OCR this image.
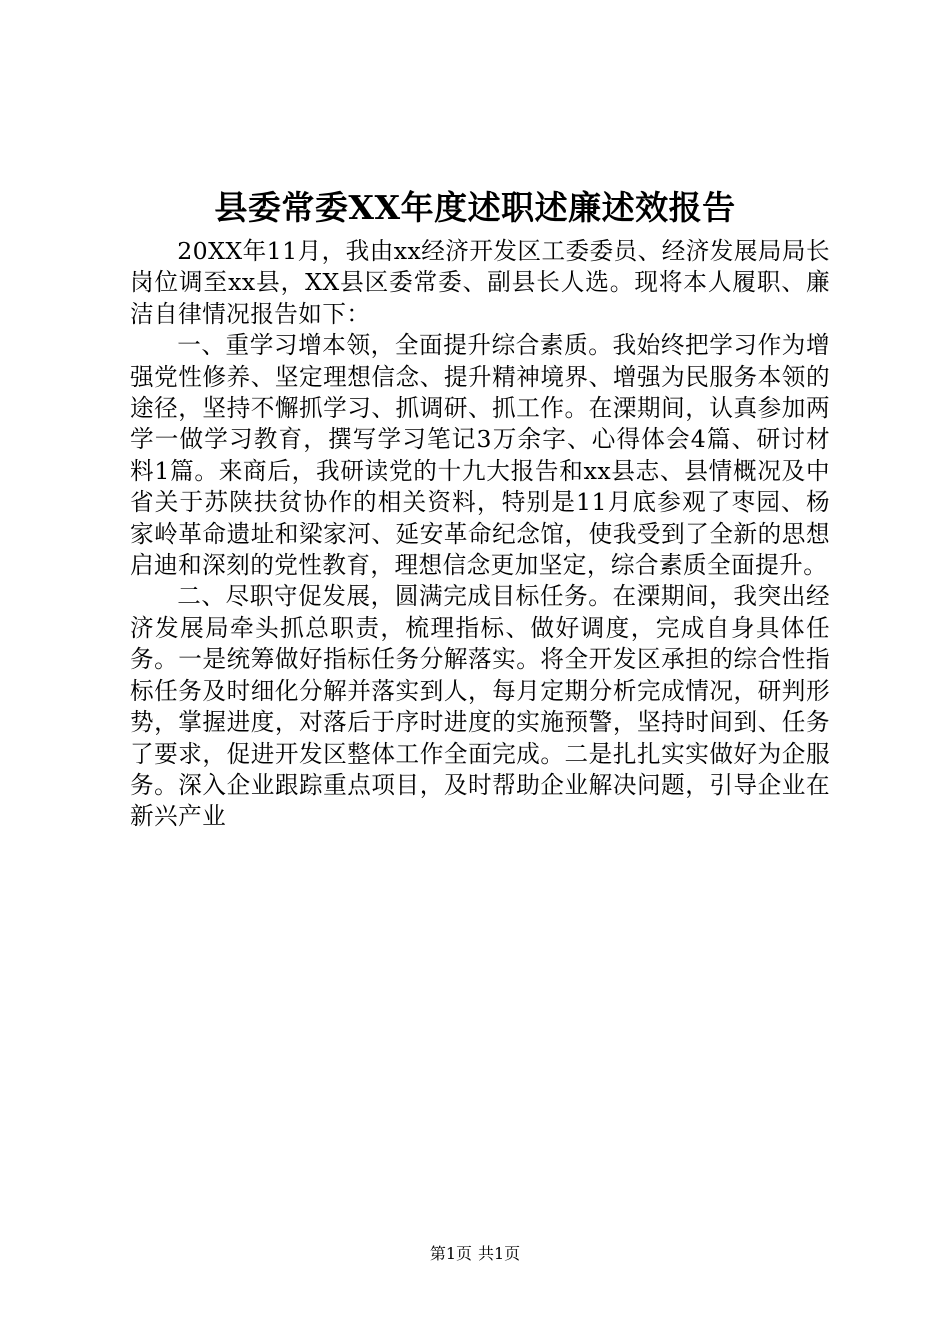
县委常委XX年度述职述廉述效报告

20XX年11月，我由xx经济开发区工委委员、经济发展局局长岗位调至xx县，XX县区委常委、副县长人选。现将本人履职、廉洁自律情况报告如下：

一、重学习增本领，全面提升综合素质。我始终把学习作为增强党性修养、坚定理想信念、提升精神境界、增强为民服务本领的途径，坚持不懈抓学习、抓调研、抓工作。在溧期间，认真参加两学一做学习教育，撰写学习笔记3万余字、心得体会4篇、研讨材料1篇。来商后，我研读党的十九大报告和xx县志、县情概况及中省关于苏陕扶贫协作的相关资料，特别是11月底参观了枣园、杨家岭革命遗址和梁家河、延安革命纪念馆，使我受到了全新的思想启迪和深刻的党性教育，理想信念更加坚定，综合素质全面提升。

二、尽职守促发展，圆满完成目标任务。在溧期间，我突出经济发展局牵头抓总职责，梳理指标、做好调度，完成自身具体任务。一是统筹做好指标任务分解落实。将全开发区承担的综合性指标任务及时细化分解并落实到人，每月定期分析完成情况，研判形势，掌握进度，对落后于序时进度的实施预警，坚持时间到、任务了要求，促进开发区整体工作全面完成。二是扎扎实实做好为企服务。深入企业跟踪重点项目，及时帮助企业解决问题，引导企业在新兴产业

第1页 共1页
